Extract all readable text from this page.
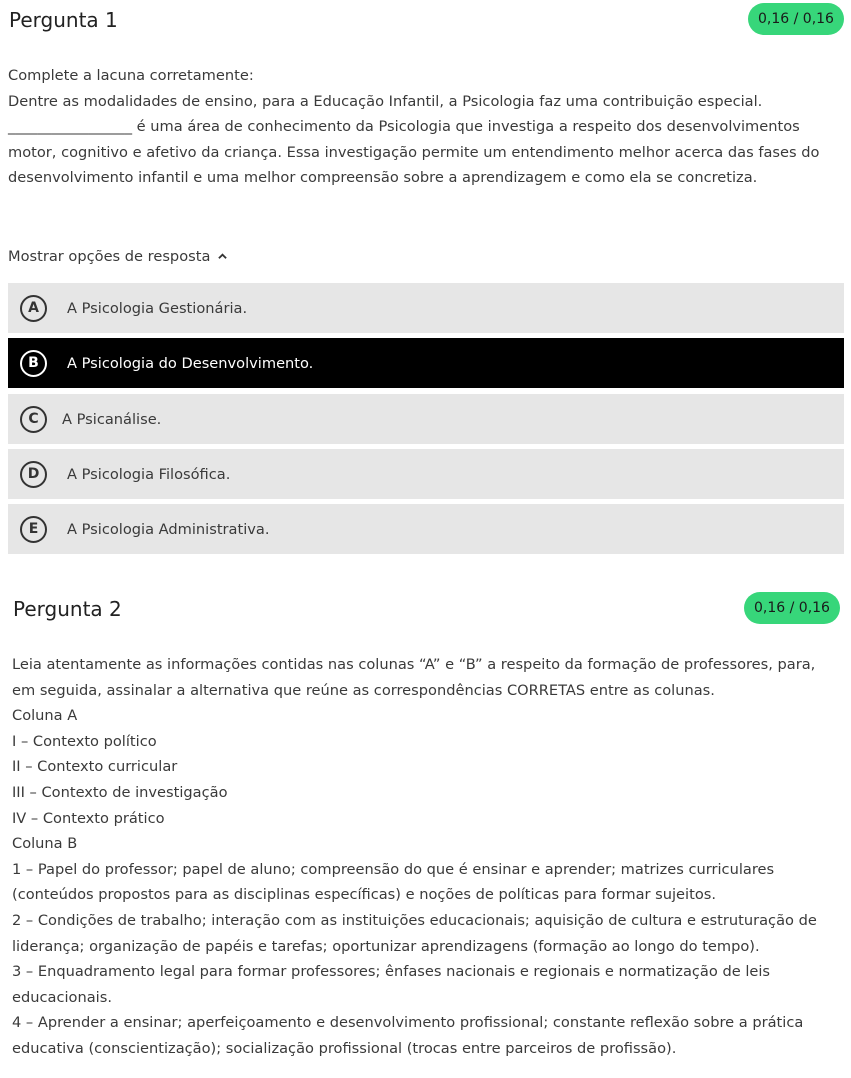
Pergunta 1	0,16 / 0,16

Complete a lacuna corretamente:

Dentre as modalidades de ensino, para a Educação Infantil, a Psicologia faz uma contribuição especial.

_________________ é uma área de conhecimento da Psicologia que investiga a respeito dos desenvolvimentos

motor, cognitivo e afetivo da criança. Essa investigação permite um entendimento melhor acerca das fases do

desenvolvimento infantil e uma melhor compreensão sobre a aprendizagem e como ela se concretiza.

Mostrar opções de resposta
A	A Psicologia Gestionária.
B	A Psicologia do Desenvolvimento.
C	A Psicanálise.
D	A Psicologia Filosófica.
E	A Psicologia Administrativa.
Pergunta 2	0,16 / 0,16

Leia atentamente as informações contidas nas colunas “A” e “B” a respeito da formação de professores, para,

em seguida, assinalar a alternativa que reúne as correspondências CORRETAS entre as colunas.

Coluna A

I – Contexto político

II – Contexto curricular

III – Contexto de investigação

IV – Contexto prático

Coluna B

1 – Papel do professor; papel de aluno; compreensão do que é ensinar e aprender; matrizes curriculares

(conteúdos propostos para as disciplinas específicas) e noções de políticas para formar sujeitos.

2 – Condições de trabalho; interação com as instituições educacionais; aquisição de cultura e estruturação de

liderança; organização de papéis e tarefas; oportunizar aprendizagens (formação ao longo do tempo).

3 – Enquadramento legal para formar professores; ênfases nacionais e regionais e normatização de leis

educacionais.

4 – Aprender a ensinar; aperfeiçoamento e desenvolvimento profissional; constante reflexão sobre a prática

educativa (conscientização); socialização profissional (trocas entre parceiros de profissão).
